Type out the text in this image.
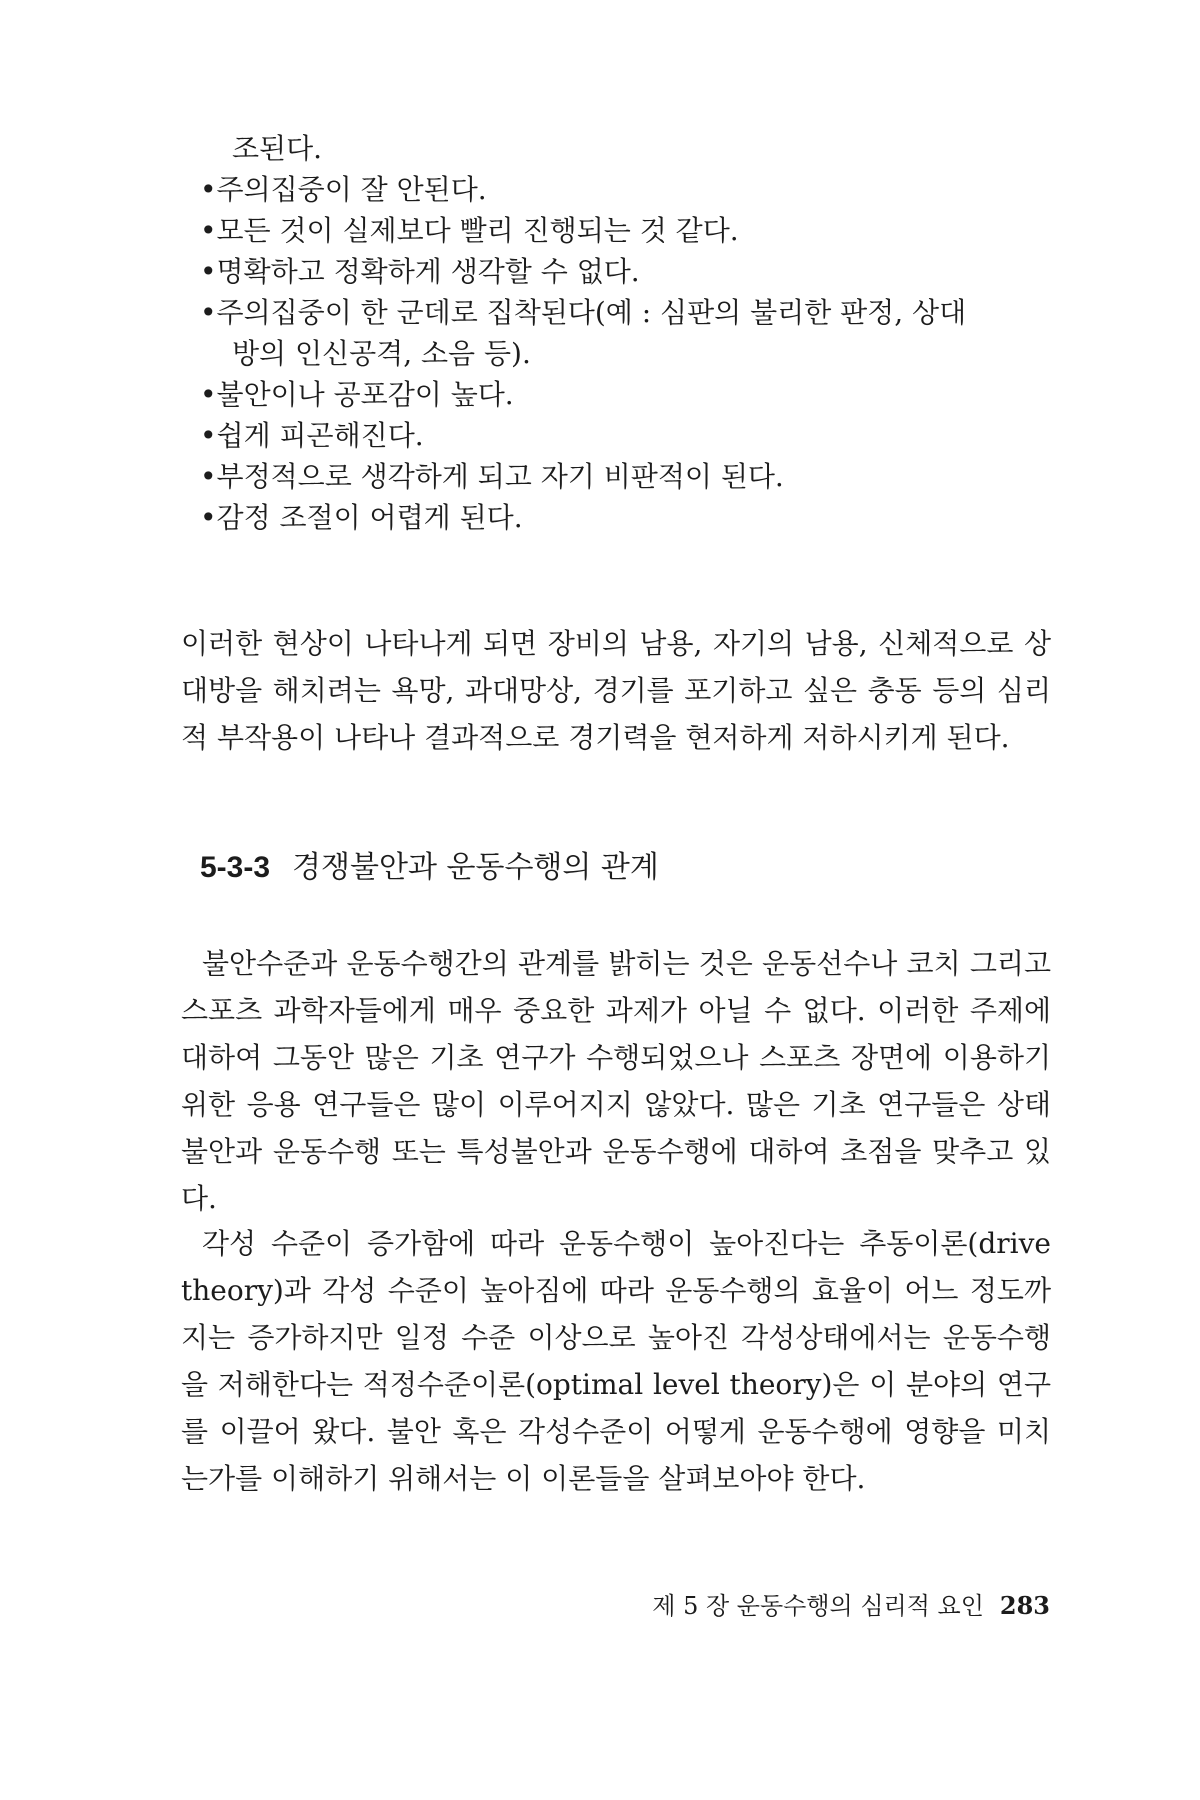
조된다.
•주의집중이 잘 안된다.
•모든 것이 실제보다 빨리 진행되는 것 같다.
•명확하고 정확하게 생각할 수 없다.
•주의집중이 한 군데로 집착된다(예 : 심판의 불리한 판정, 상대
방의 인신공격, 소음 등).
•불안이나 공포감이 높다.
•쉽게 피곤해진다.
•부정적으로 생각하게 되고 자기 비판적이 된다.
•감정 조절이 어렵게 된다.

이러한 현상이 나타나게 되면 장비의 남용, 자기의 남용, 신체적으로 상대방을 해치려는 욕망, 과대망상, 경기를 포기하고 싶은 충동 등의 심리적 부작용이 나타나 결과적으로 경기력을 현저하게 저하시키게 된다.

5-3-3 경쟁불안과 운동수행의 관계

불안수준과 운동수행간의 관계를 밝히는 것은 운동선수나 코치 그리고 스포츠 과학자들에게 매우 중요한 과제가 아닐 수 없다. 이러한 주제에 대하여 그동안 많은 기초 연구가 수행되었으나 스포츠 장면에 이용하기 위한 응용 연구들은 많이 이루어지지 않았다. 많은 기초 연구들은 상태불안과 운동수행 또는 특성불안과 운동수행에 대하여 초점을 맞추고 있다.

각성 수준이 증가함에 따라 운동수행이 높아진다는 추동이론(drive theory)과 각성 수준이 높아짐에 따라 운동수행의 효율이 어느 정도까지는 증가하지만 일정 수준 이상으로 높아진 각성상태에서는 운동수행을 저해한다는 적정수준이론(optimal level theory)은 이 분야의 연구를 이끌어 왔다. 불안 혹은 각성수준이 어떻게 운동수행에 영향을 미치는가를 이해하기 위해서는 이 이론들을 살펴보아야 한다.

제 5 장 운동수행의 심리적 요인 283
